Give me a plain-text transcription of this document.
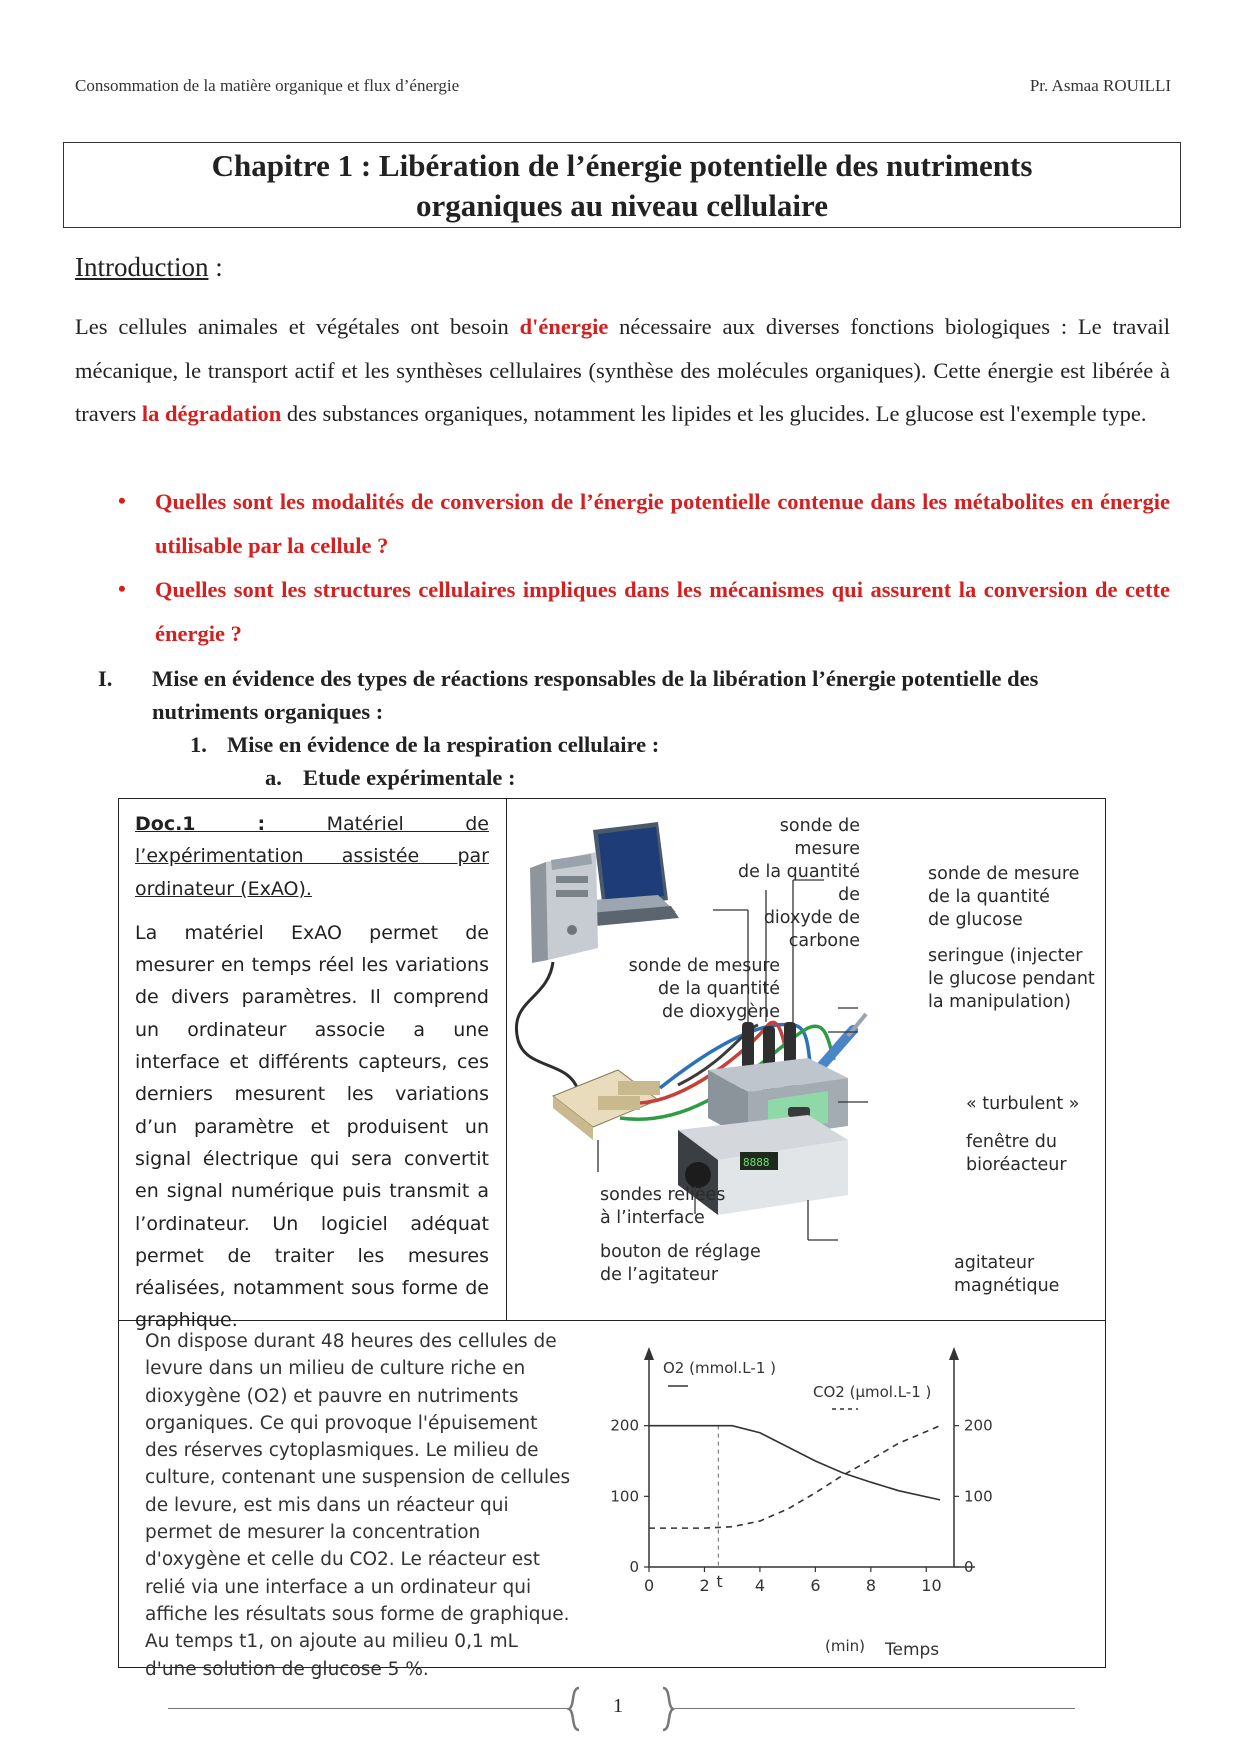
Consommation de la matière organique et flux d’énergie	Pr. Asmaa ROUILLI
Chapitre 1 : Libération de l’énergie potentielle des nutriments
organiques au niveau cellulaire
Introduction :
Les cellules animales et végétales ont besoin d'énergie nécessaire aux diverses fonctions biologiques : Le travail mécanique, le transport actif et les synthèses cellulaires (synthèse des molécules organiques). Cette énergie est libérée à travers la dégradation des substances organiques, notamment les lipides et les glucides. Le glucose est l'exemple type.
• Quelles sont les modalités de conversion de l’énergie potentielle contenue dans les métabolites en énergie utilisable par la cellule ?
• Quelles sont les structures cellulaires impliques dans les mécanismes qui assurent la conversion de cette énergie ?
I. Mise en évidence des types de réactions responsables de la libération l’énergie potentielle des
nutriments organiques :
1. Mise en évidence de la respiration cellulaire :
a. Etude expérimentale :
Doc.1 : Matériel de l’expérimentation assistée par ordinateur (ExAO).
La matériel ExAO permet de mesurer en temps réel les variations de divers paramètres. Il comprend un ordinateur associe a une interface et différents capteurs, ces derniers mesurent les variations d’un paramètre et produisent un signal électrique qui sera convertit en signal numérique puis transmit a l’ordinateur. Un logiciel adéquat permet de traiter les mesures réalisées, notamment sous forme de graphique.
8888
sonde de mesure
de la quantité de
dioxyde de carbone
sonde de mesure
de la quantité
de glucose
seringue (injecter
le glucose pendant
la manipulation)
sonde de mesure
de la quantité
de dioxygène
« turbulent »
fenêtre du
bioréacteur
sondes reliées
à l’interface
bouton de réglage
de l’agitateur
agitateur
magnétique
On dispose durant 48 heures des cellules de levure dans un milieu de culture riche en dioxygène (O2) et pauvre en nutriments organiques. Ce qui provoque l'épuisement des réserves cytoplasmiques. Le milieu de culture, contenant une suspension de cellules de levure, est mis dans un réacteur qui permet de mesurer la concentration d'oxygène et celle du CO2. Le réacteur est relié via une interface a un ordinateur qui affiche les résultats sous forme de graphique. Au temps t1, on ajoute au milieu 0,1 mL d'une solution de glucose 5 %.
O2 (mmol.L-1 )
CO2 (µmol.L-1 )
(min) Temps
0	2	4	6	8	10
t
0
100
200
0
100
200
1
